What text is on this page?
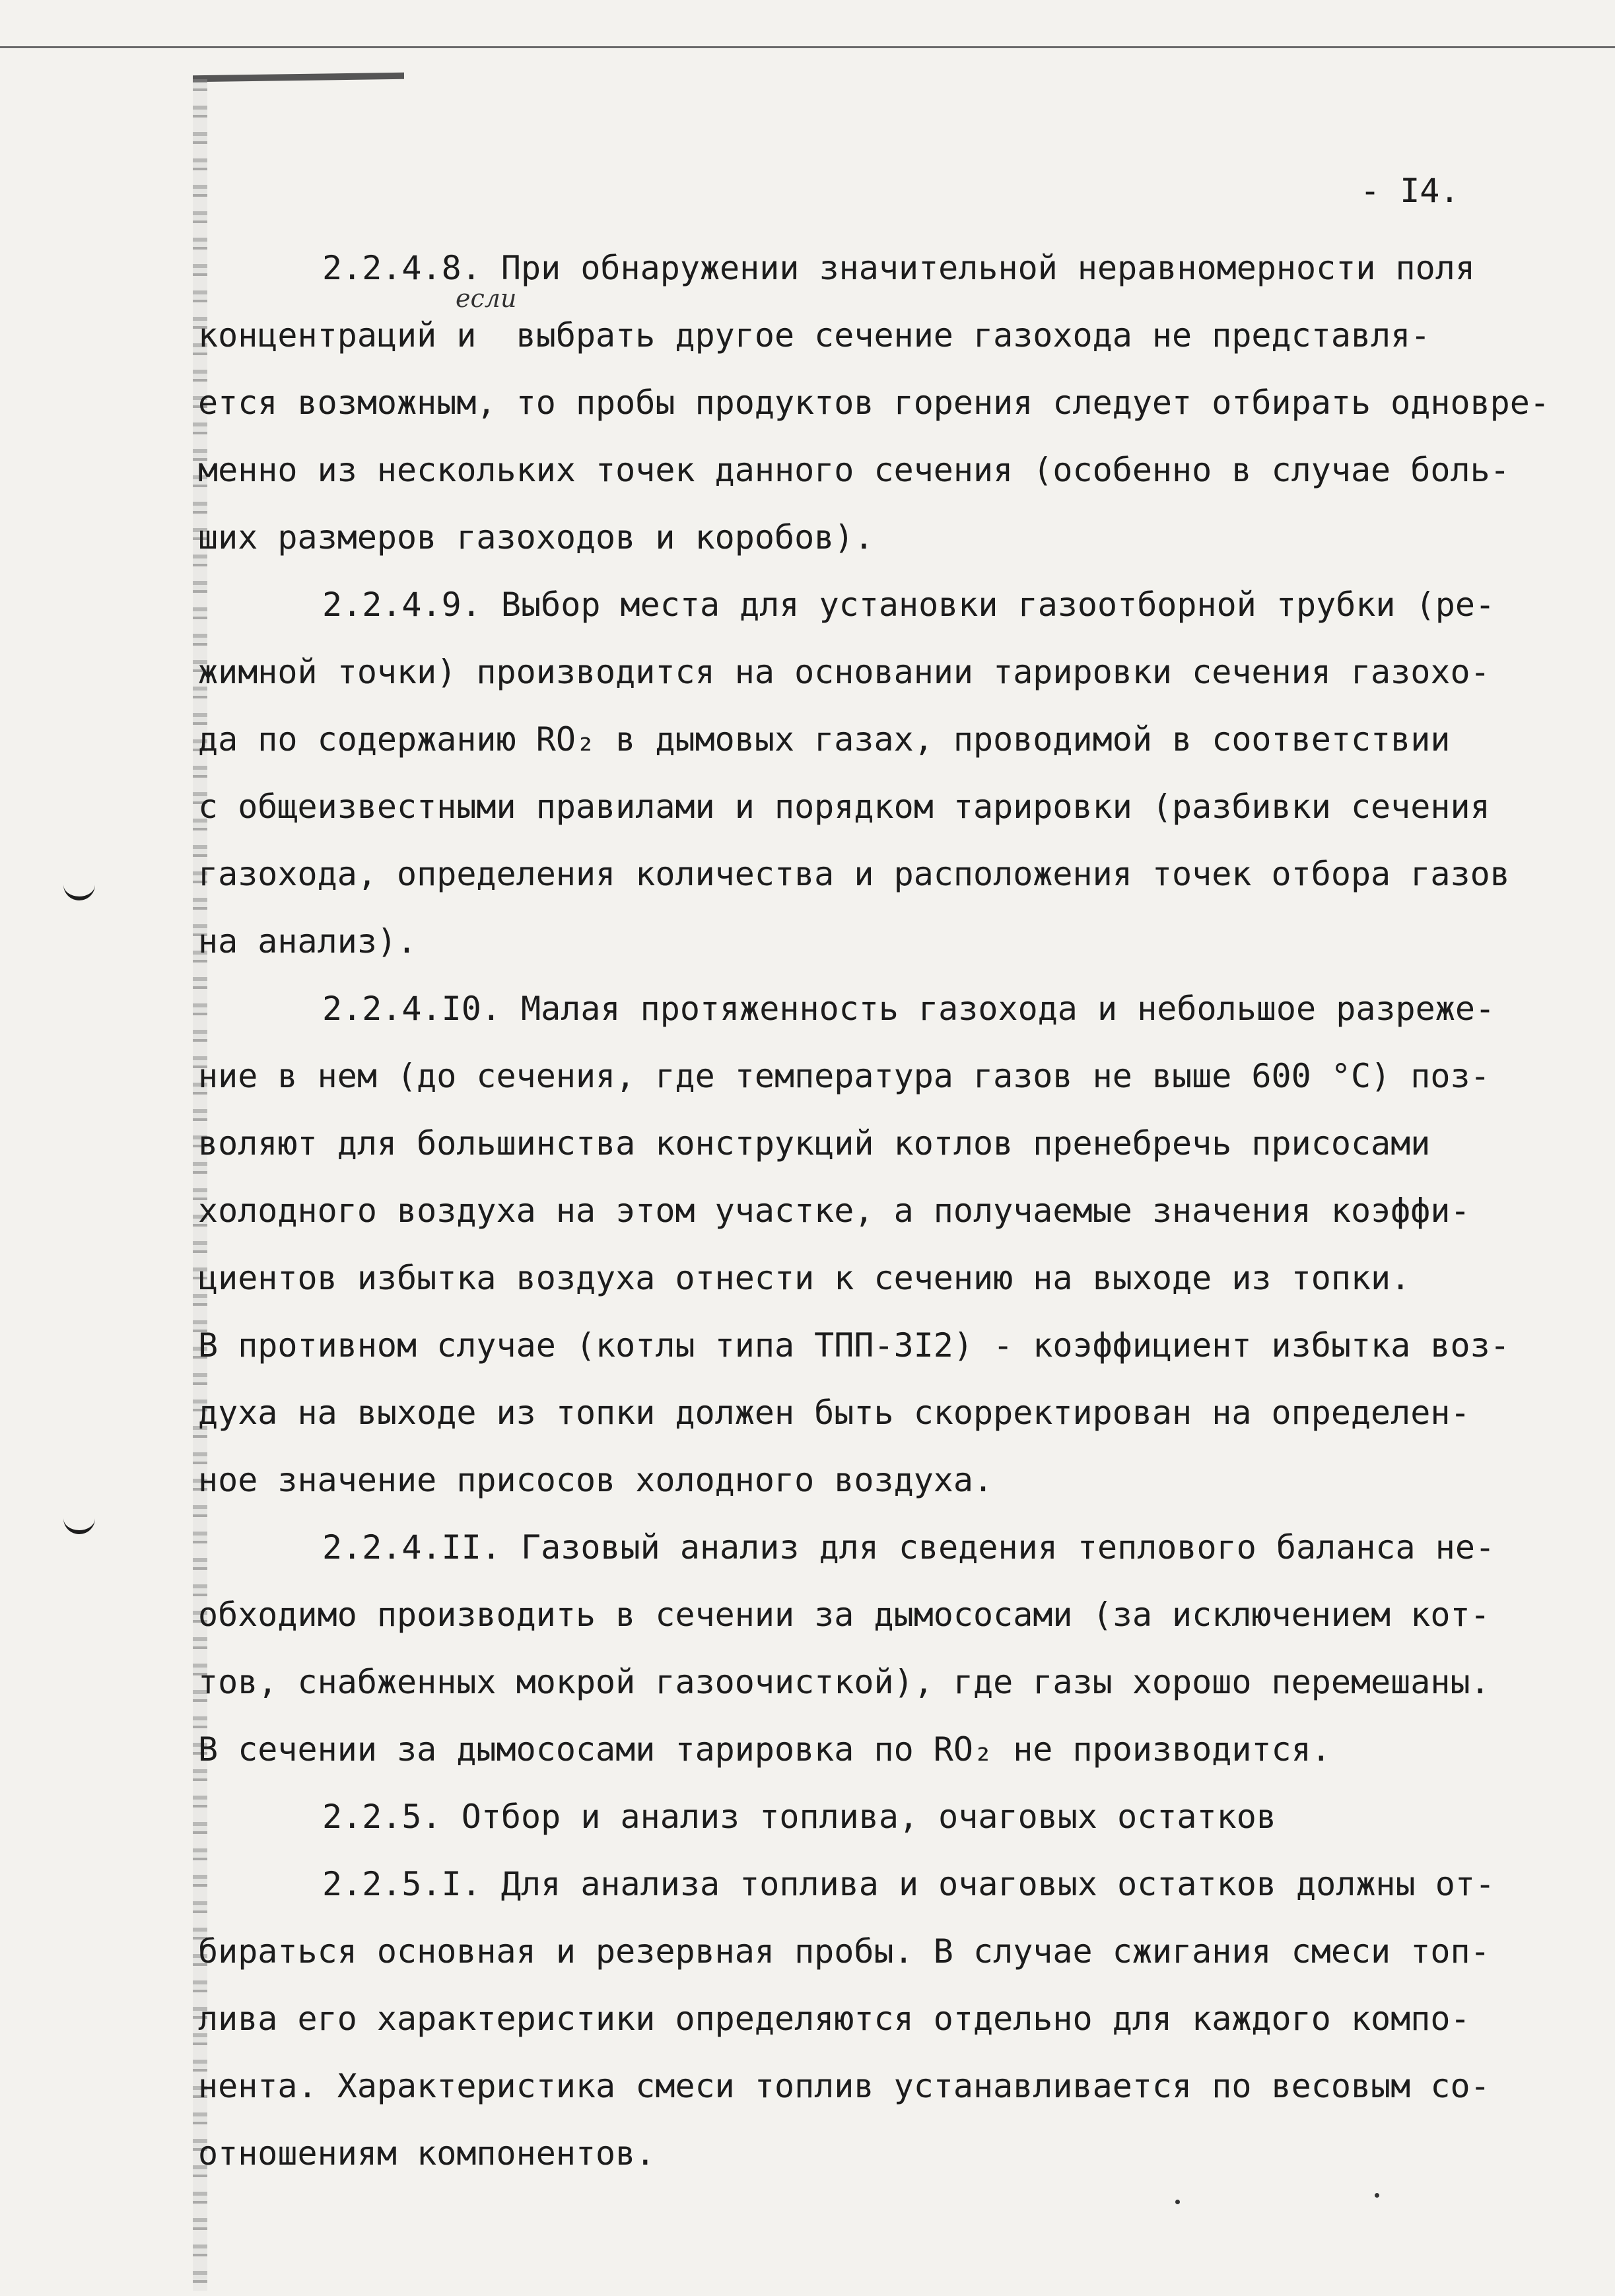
- I4.
если
2.2.4.8. При обнаружении значительной неравномерности поля
концентраций и  выбрать другое сечение газохода не представля-
ется возможным, то пробы продуктов горения следует отбирать одновре-
менно из нескольких точек данного сечения (особенно в случае боль-
ших размеров газоходов и коробов).
2.2.4.9. Выбор места для установки газоотборной трубки (ре-
жимной точки) производится на основании тарировки сечения газохо-
да по содержанию RO₂ в дымовых газах, проводимой в соответствии
с общеизвестными правилами и порядком тарировки (разбивки сечения
газохода, определения количества и расположения точек отбора газов
на анализ).
2.2.4.I0. Малая протяженность газохода и небольшое разреже-
ние в нем (до сечения, где температура газов не выше 600 °С) поз-
воляют для большинства конструкций котлов пренебречь присосами
холодного воздуха на этом участке, а получаемые значения коэффи-
циентов избытка воздуха отнести к сечению на выходе из топки.
В противном случае (котлы типа ТПП-3I2) - коэффициент избытка воз-
духа на выходе из топки должен быть скорректирован на определен-
ное значение присосов холодного воздуха.
2.2.4.II. Газовый анализ для сведения теплового баланса не-
обходимо производить в сечении за дымососами (за исключением кот-
тов, снабженных мокрой газоочисткой), где газы хорошо перемешаны.
В сечении за дымососами тарировка по RO₂ не производится.
2.2.5. Отбор и анализ топлива, очаговых остатков
2.2.5.I. Для анализа топлива и очаговых остатков должны от-
бираться основная и резервная пробы. В случае сжигания смеси топ-
лива его характеристики определяются отдельно для каждого компо-
нента. Характеристика смеси топлив устанавливается по весовым со-
отношениям компонентов.
